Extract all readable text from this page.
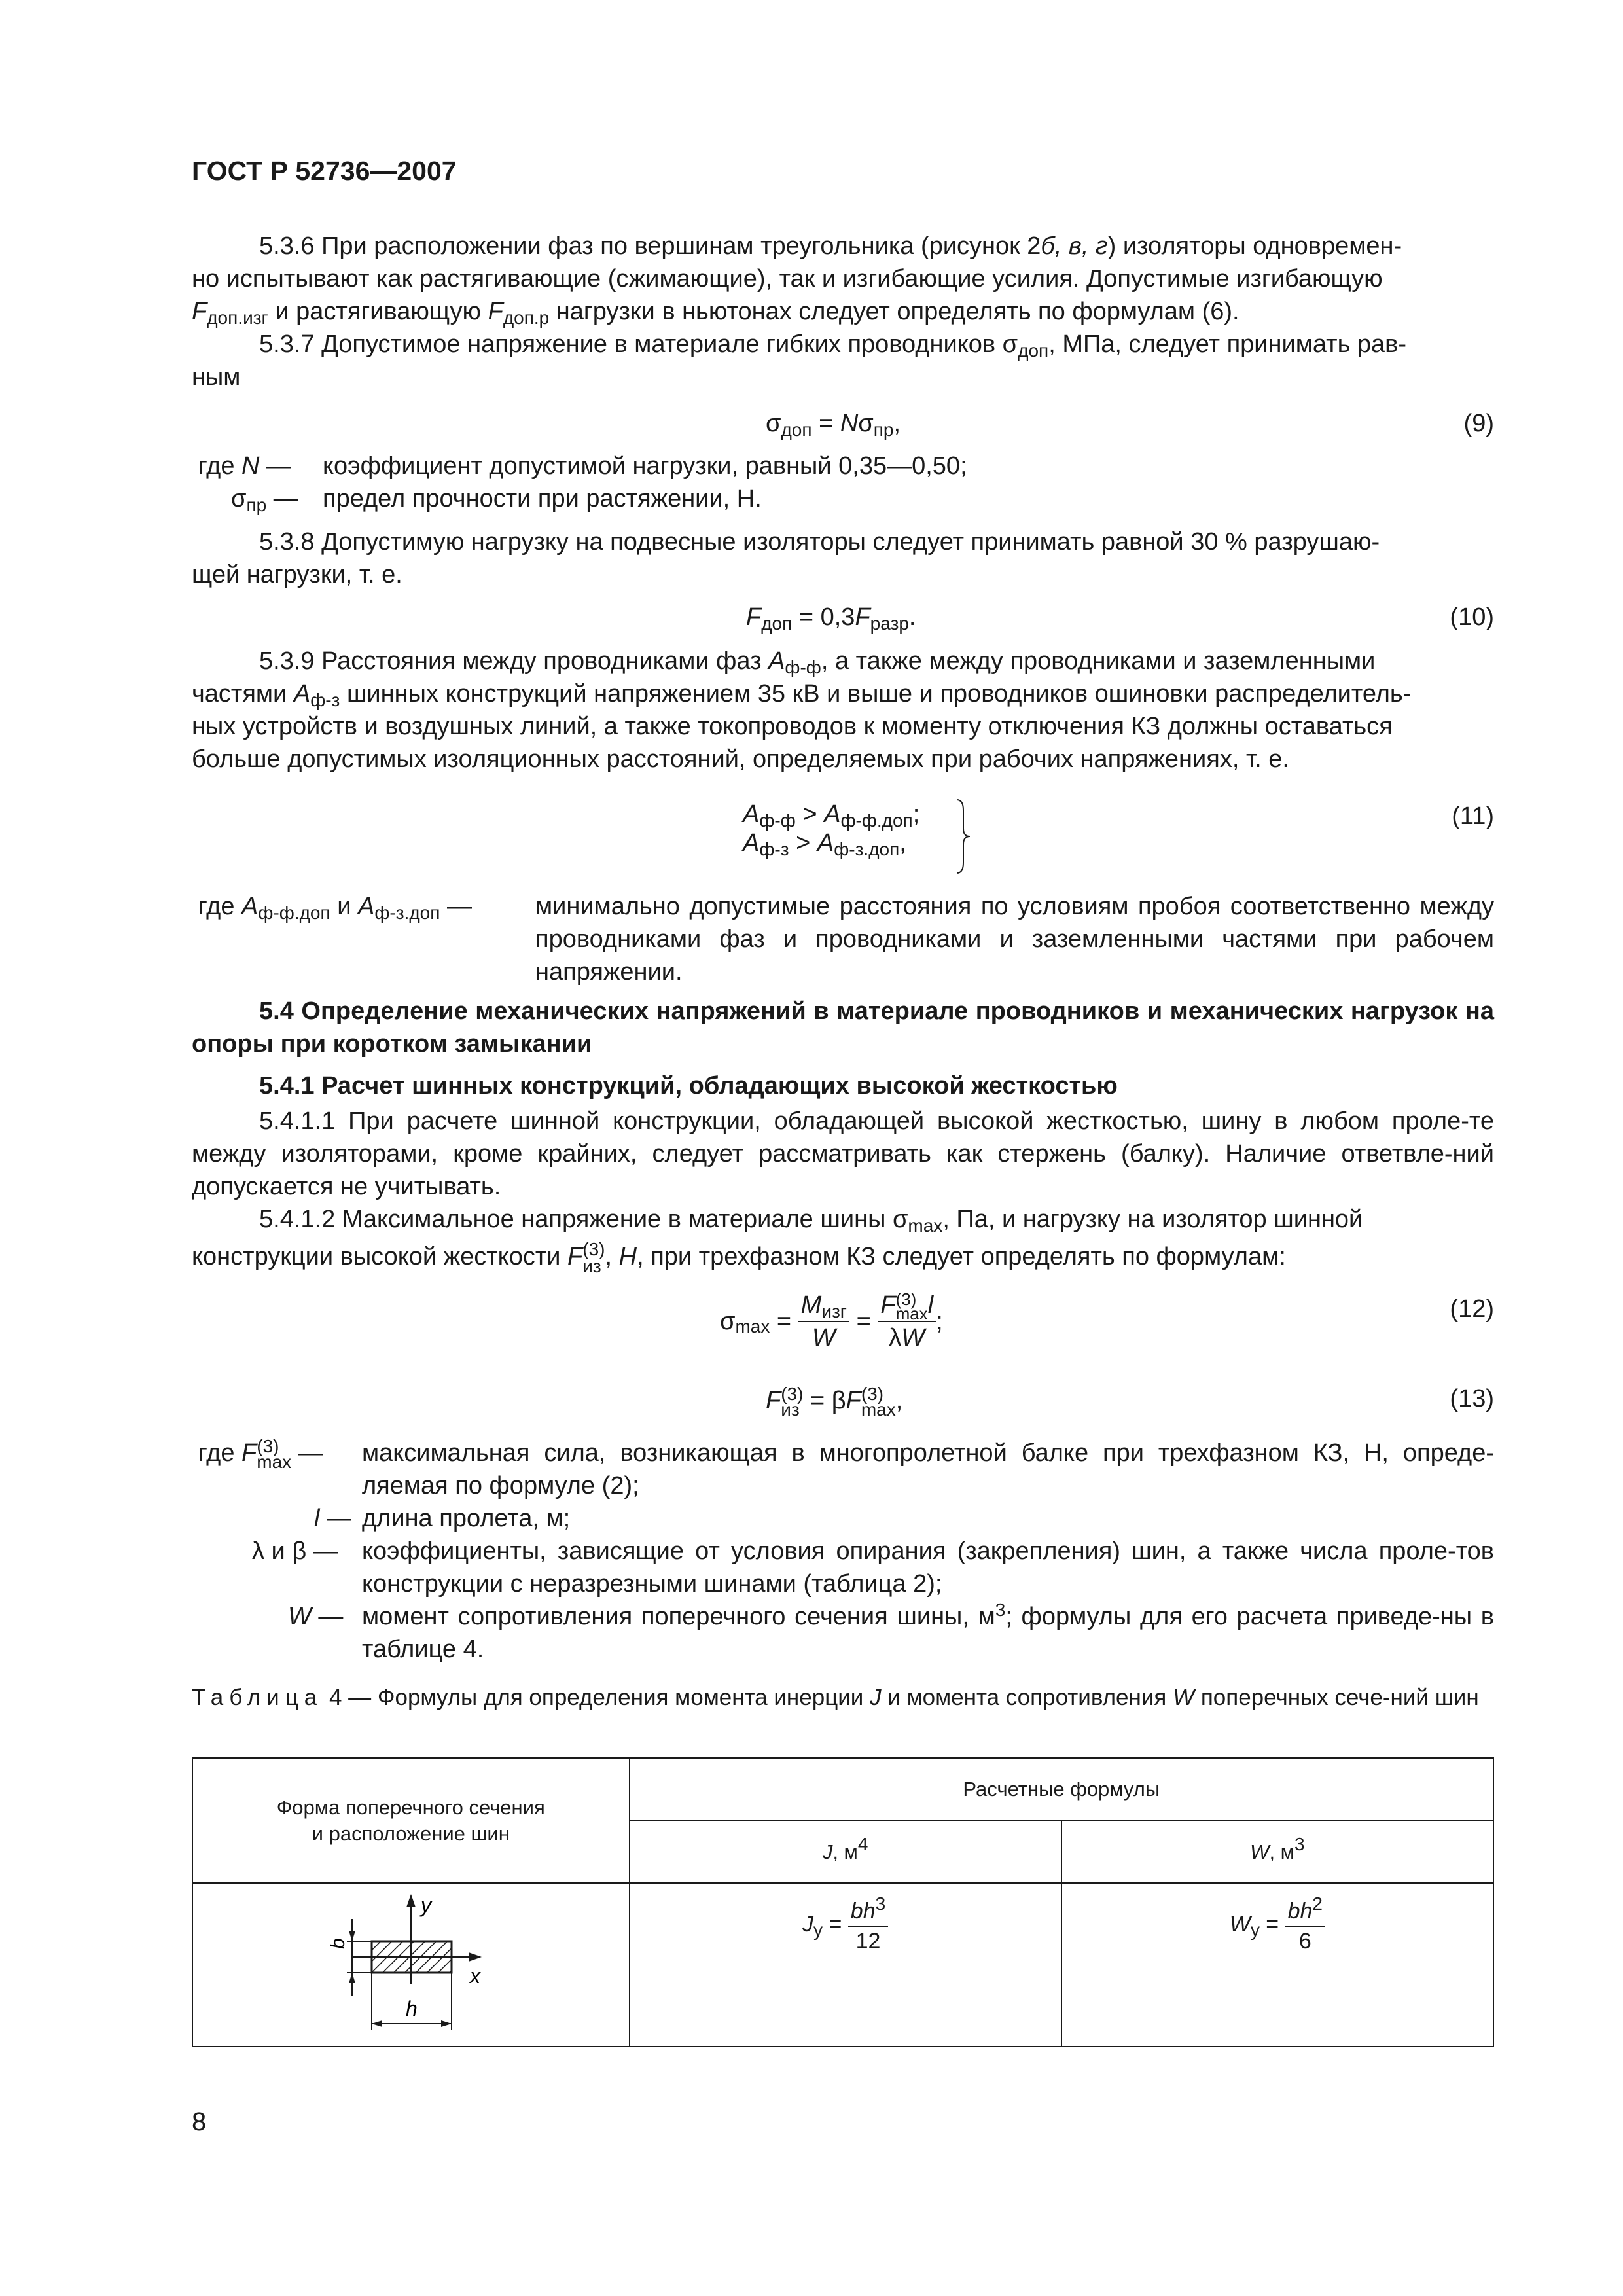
ГОСТ Р 52736—2007
5.3.6 При расположении фаз по вершинам треугольника (рисунок 2б, в, г) изоляторы одновремен-
но испытывают как растягивающие (сжимающие), так и изгибающие усилия. Допустимые изгибающую
$F_{доп.изг}$ и растягивающую $F_{доп.р}$ нагрузки в ньютонах следует определять по формулам (6).
5.3.7 Допустимое напряжение в материале гибких проводников $\sigma_{доп}$, МПа, следует принимать рав-
ным
$\sigma_{доп} = N\sigma_{пр}$,	(9)
где N — коэффициент допустимой нагрузки, равный 0,35—0,50;
$\sigma_{пр}$ — предел прочности при растяжении, Н.
5.3.8 Допустимую нагрузку на подвесные изоляторы следует принимать равной 30 % разрушаю-
щей нагрузки, т. е.
$F_{доп} = 0,3F_{разр}$.	(10)
5.3.9 Расстояния между проводниками фаз $A_{ф-ф}$, а также между проводниками и заземленными
частями $A_{ф-з}$ шинных конструкций напряжением 35 кВ и выше и проводников ошиновки распределитель-
ных устройств и воздушных линий, а также токопроводов к моменту отключения КЗ должны оставаться
больше допустимых изоляционных расстояний, определяемых при рабочих напряжениях, т. е.
$A_{ф-ф} > A_{ф-ф.доп}$;
$A_{ф-з} > A_{ф-з.доп}$,
(11)
где $A_{ф-ф.доп}$ и $A_{ф-з.доп}$ —	минимально допустимые расстояния по условиям пробоя соответственно между проводниками фаз и проводниками и заземленными частями при рабочем напряжении.
5.4 Определение механических напряжений в материале проводников и механических нагрузок на опоры при коротком замыкании
5.4.1 Расчет шинных конструкций, обладающих высокой жесткостью
5.4.1.1 При расчете шинной конструкции, обладающей высокой жесткостью, шину в любом проле-те между изоляторами, кроме крайних, следует рассматривать как стержень (балку). Наличие ответвле-ний допускается не учитывать.
5.4.1.2 Максимальное напряжение в материале шины $\sigma_{max}$, Па, и нагрузку на изолятор шинной
конструкции высокой жесткости F (3)
из , H, при трехфазном КЗ следует определять по формулам:
$\sigma_{max} = \frac{M_{изг}}{W} = F$ (3)
max l
λW ;	(12)
F (3)
из = βF (3)
max ,	(13)
где F (3)
max — максимальная сила, возникающая в многопролетной балке при трехфазном КЗ, Н, опреде-ляемая по формуле (2);
l — длина пролета, м;
λ и β — коэффициенты, зависящие от условия опирания (закрепления) шин, а также числа проле-тов конструкции с неразрезными шинами (таблица 2);
W — момент сопротивления поперечного сечения шины, $м^3$; формулы для его расчета приведе-ны в таблице 4.
Таблица 4 — Формулы для определения момента инерции J и момента сопротивления W поперечных сече-ний шин
Форма поперечного сечения
и расположение шин	Расчетные формулы	
	J, $м^4$	W, $м^3$

y
x
b
h	$J_y = \frac{bh^3}{12}$	$W_y = \frac{bh^2}{6}$
8
